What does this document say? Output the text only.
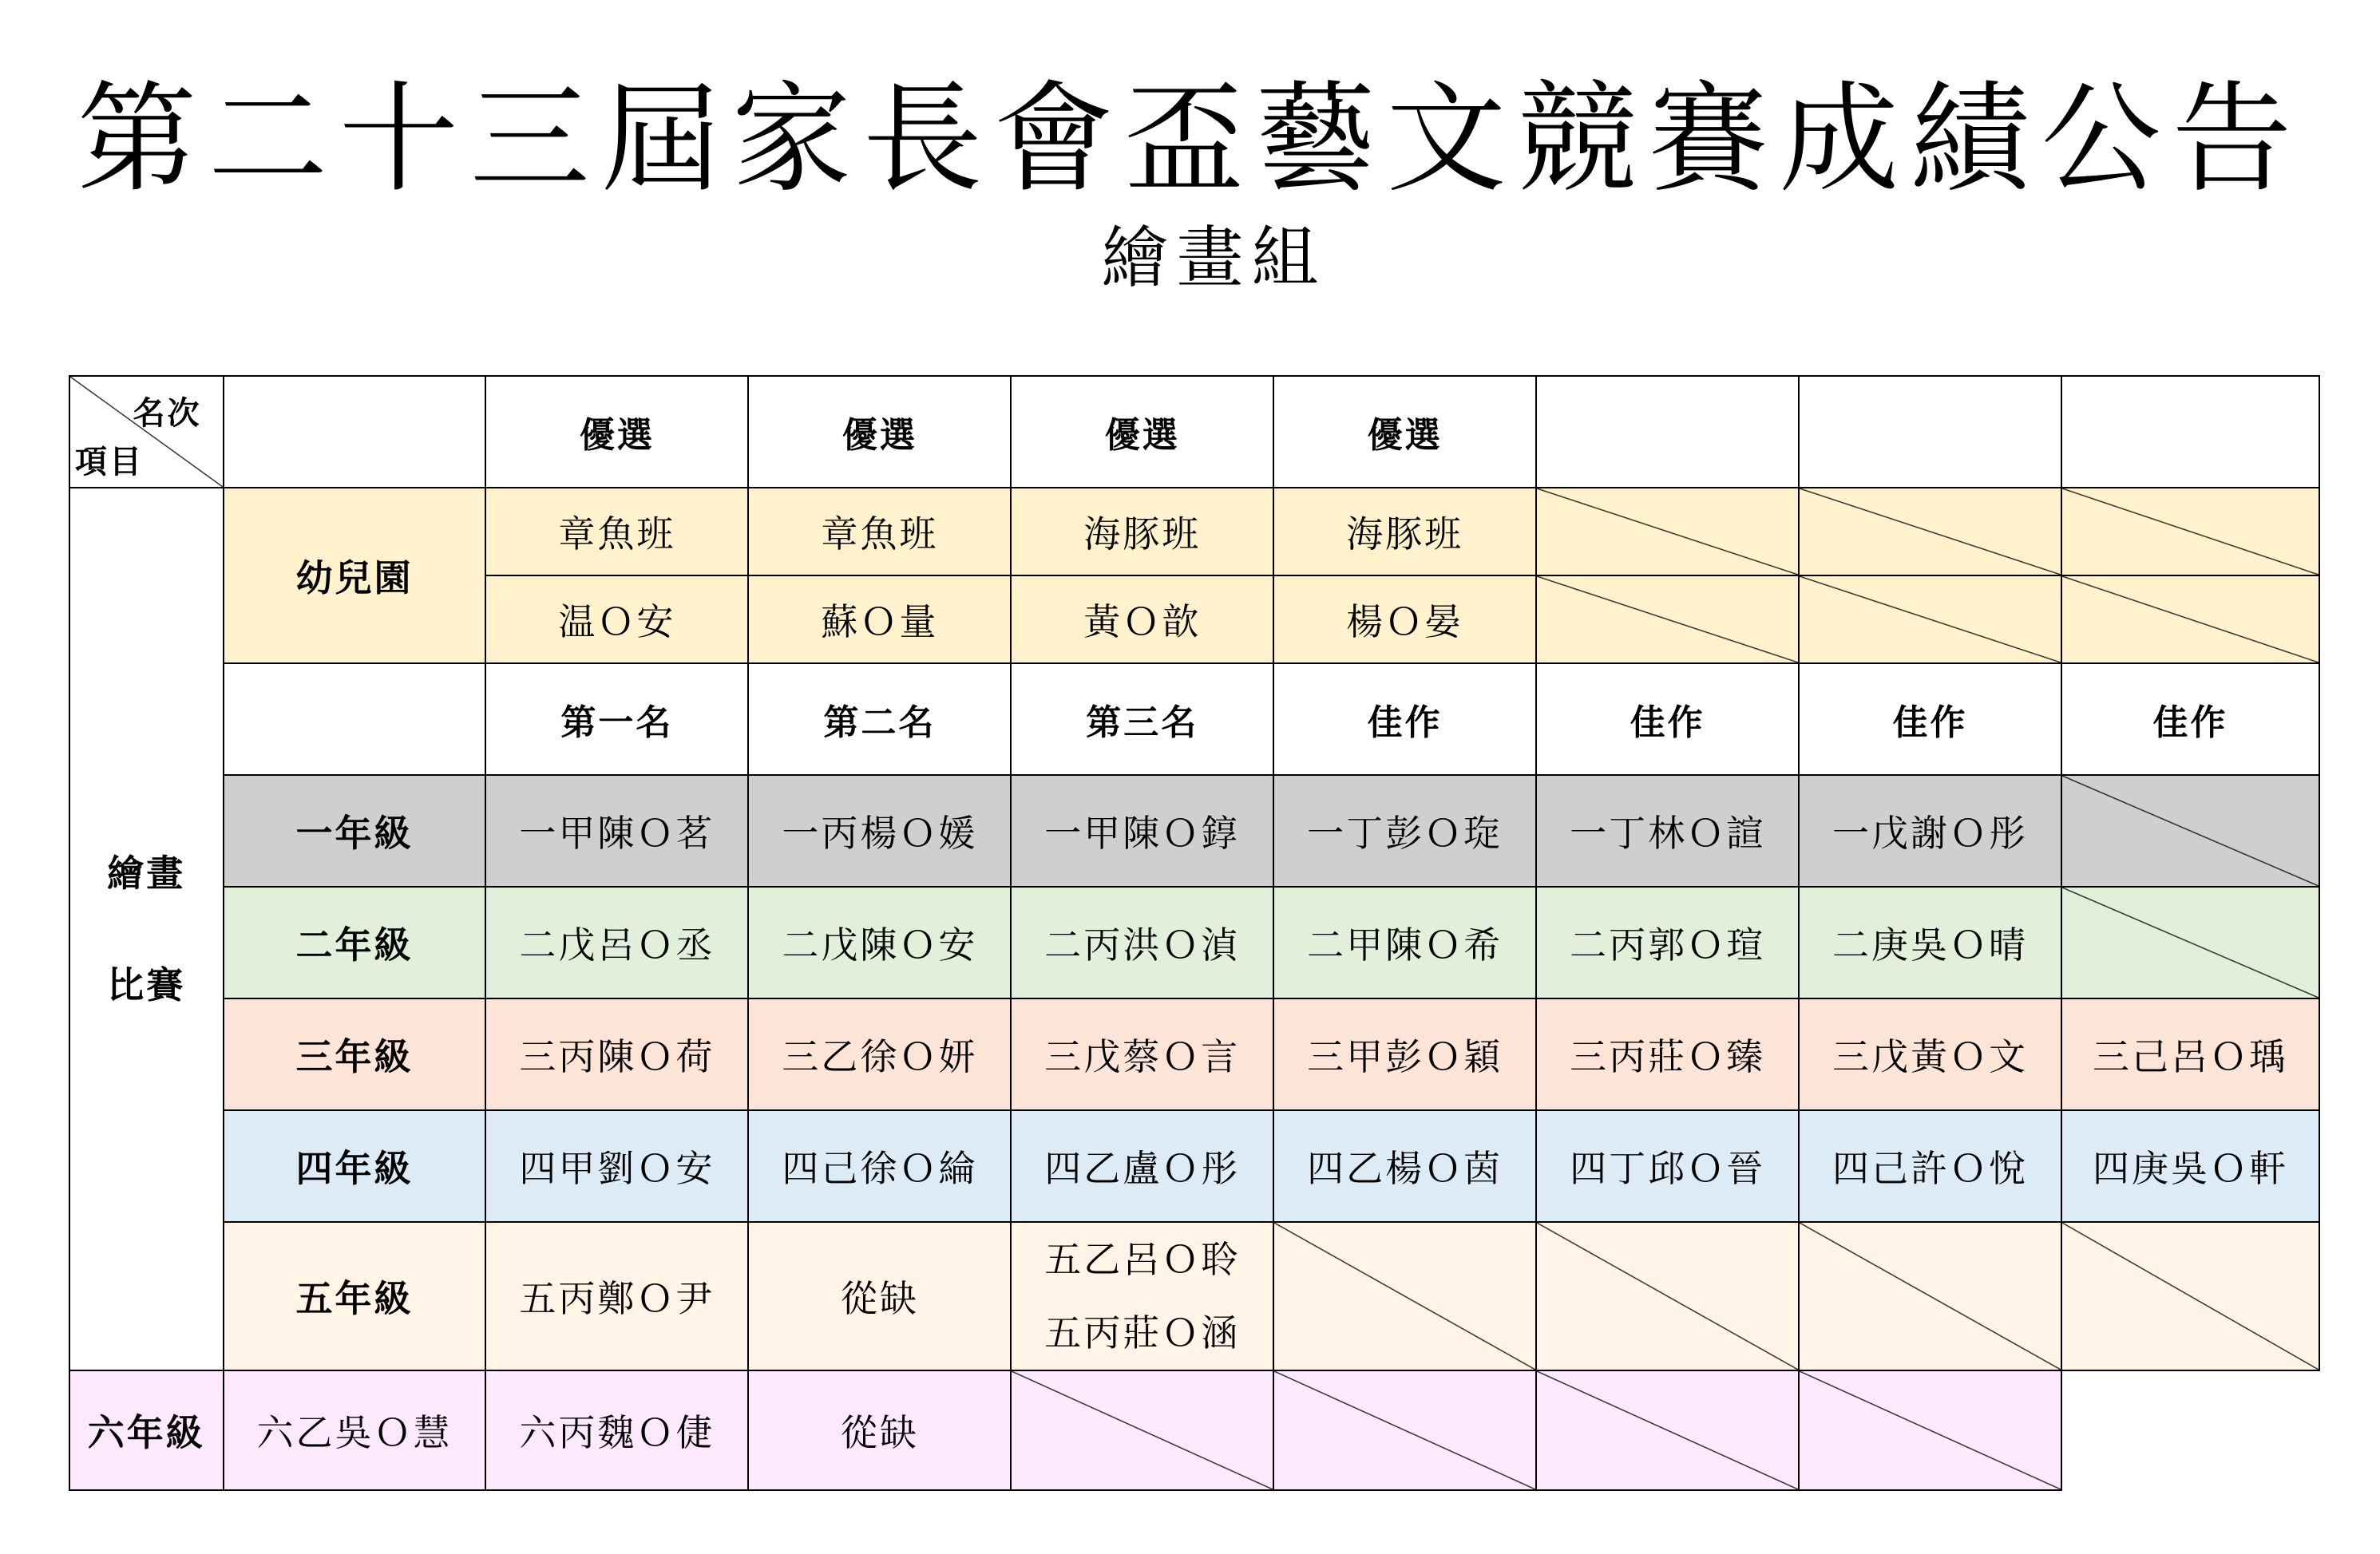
第二十三屆家長會盃藝文競賽成績公告
繪畫組
名次
項目		優選	優選	優選	優選			

繪畫
比賽	幼兒園	章魚班	章魚班	海豚班	海豚班			
		温Ｏ安	蘇Ｏ量	黃Ｏ歆	楊Ｏ晏			
		第一名	第二名	第三名	佳作	佳作	佳作	佳作
	一年級	一甲陳Ｏ茗	一丙楊Ｏ媛	一甲陳Ｏ錞	一丁彭Ｏ琁	一丁林Ｏ諠	一戊謝Ｏ彤	
	二年級	二戊呂Ｏ丞	二戊陳Ｏ安	二丙洪Ｏ湞	二甲陳Ｏ希	二丙郭Ｏ瑄	二庚吳Ｏ晴	
	三年級	三丙陳Ｏ荷	三乙徐Ｏ妍	三戊蔡Ｏ言	三甲彭Ｏ穎	三丙莊Ｏ臻	三戊黃Ｏ文	三己呂Ｏ瑀
	四年級	四甲劉Ｏ安	四己徐Ｏ綸	四乙盧Ｏ彤	四乙楊Ｏ茵	四丁邱Ｏ晉	四己許Ｏ悅	四庚吳Ｏ軒
	五年級	五丙鄭Ｏ尹	從缺	五乙呂Ｏ聆
五丙莊Ｏ涵				

六年級	六乙吳Ｏ慧	六丙魏Ｏ倢	從缺					
